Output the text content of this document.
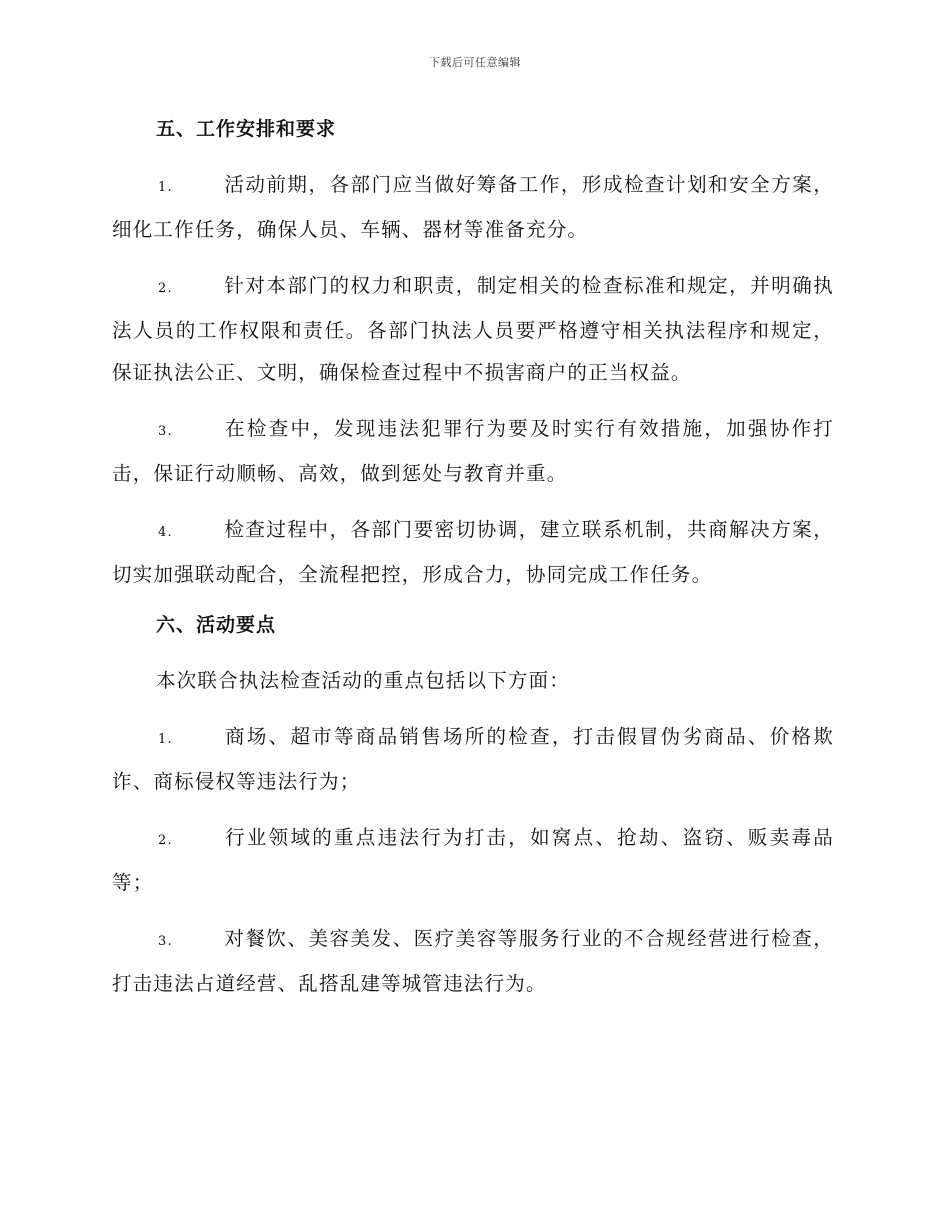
下载后可任意编辑
五、工作安排和要求

1.	活动前期，各部门应当做好筹备工作，形成检查计划和安全方案，细化工作任务，确保人员、车辆、器材等准备充分。

2.	针对本部门的权力和职责，制定相关的检查标准和规定，并明确执法人员的工作权限和责任。各部门执法人员要严格遵守相关执法程序和规定，保证执法公正、文明，确保检查过程中不损害商户的正当权益。

3.	在检查中，发现违法犯罪行为要及时实行有效措施，加强协作打击，保证行动顺畅、高效，做到惩处与教育并重。

4.	检查过程中，各部门要密切协调，建立联系机制，共商解决方案，切实加强联动配合，全流程把控，形成合力，协同完成工作任务。

六、活动要点

本次联合执法检查活动的重点包括以下方面：

1.	商场、超市等商品销售场所的检查，打击假冒伪劣商品、价格欺诈、商标侵权等违法行为；

2.	行业领域的重点违法行为打击，如窝点、抢劫、盗窃、贩卖毒品等；

3.	对餐饮、美容美发、医疗美容等服务行业的不合规经营进行检查，打击违法占道经营、乱搭乱建等城管违法行为。
